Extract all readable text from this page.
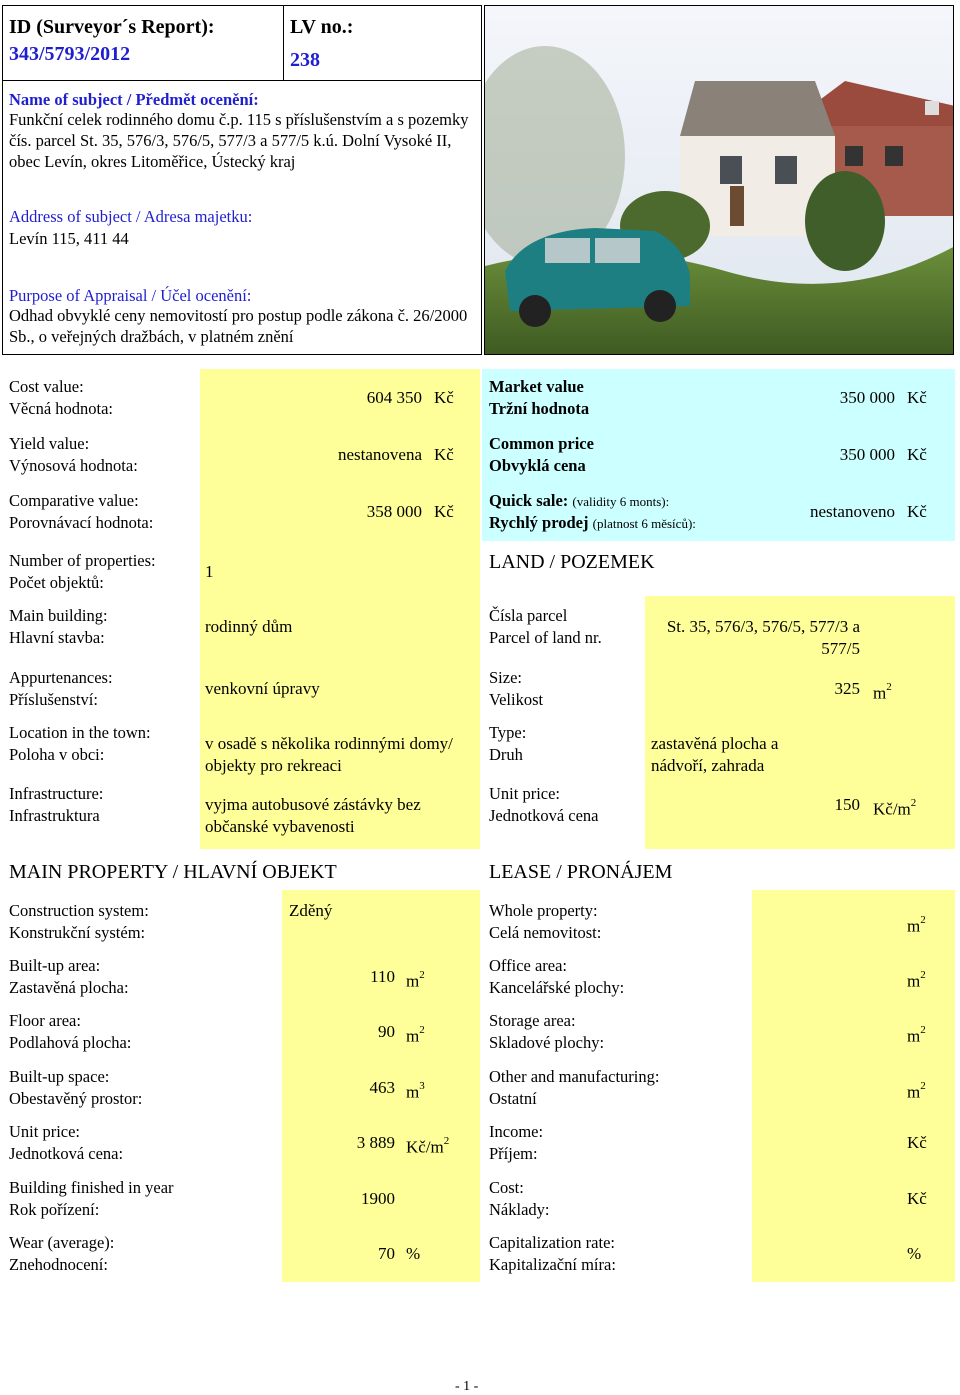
ID (Surveyor´s Report):
343/5793/2012
LV no.:
238
Name of subject / Předmět ocenění:
Funkční celek rodinného domu č.p. 115 s příslušenstvím a s pozemky čís. parcel St. 35, 576/3, 576/5, 577/3 a 577/5 k.ú. Dolní Vysoké II, obec Levín, okres Litoměřice, Ústecký kraj
Address of subject / Adresa majetku:
Levín 115, 411 44
Purpose of Appraisal / Účel ocenění:
Odhad obvyklé ceny nemovitostí pro postup podle zákona č. 26/2000 Sb., o veřejných dražbách, v platném znění
Cost value:
Věcná hodnota:
604 350 Kč
Yield value:
Výnosová hodnota:
nestanovena Kč
Comparative value:
Porovnávací hodnota:
358 000 Kč
Market value
Tržní hodnota
350 000 Kč
Common price
Obvyklá cena
350 000 Kč
Quick sale: (validity 6 monts):
Rychlý prodej (platnost 6 měsíců):
nestanoveno Kč
Number of properties:
Počet objektů:
1
Main building:
Hlavní stavba:
rodinný dům
Appurtenances:
Příslušenství:
venkovní úpravy
Location in the town:
Poloha v obci:
v osadě s několika rodinnými domy/ objekty pro rekreaci
Infrastructure:
Infrastruktura
vyjma autobusové zástávky bez občanské vybavenosti
LAND / POZEMEK
Čísla parcel
Parcel of land nr.
St. 35, 576/3, 576/5, 577/3 a 577/5
Size:
Velikost
325 $m^2$
Type:
Druh
zastavěná plocha a nádvoří, zahrada
Unit price:
Jednotková cena
150 $Kč/m^2$
MAIN PROPERTY / HLAVNÍ OBJEKT	LEASE / PRONÁJEM
Construction system:
Konstrukční systém:
Zděný
Built-up area:
Zastavěná plocha:
110 $m^2$
Floor area:
Podlahová plocha:
90 $m^2$
Built-up space:
Obestavěný prostor:
463 $m^3$
Unit price:
Jednotková cena:
3 889 $Kč/m^2$
Building finished in year
Rok pořízení:
1900
Wear (average):
Znehodnocení:
70 %
Whole property:
Celá nemovitost:	$m^2$
Office area:
Kancelářské plochy:	$m^2$
Storage area:
Skladové plochy:	$m^2$
Other and manufacturing:
Ostatní	$m^2$
Income:
Příjem:
Kč
Cost:
Náklady:
Kč
Capitalization rate:
Kapitalizační míra:
%
- 1 -
